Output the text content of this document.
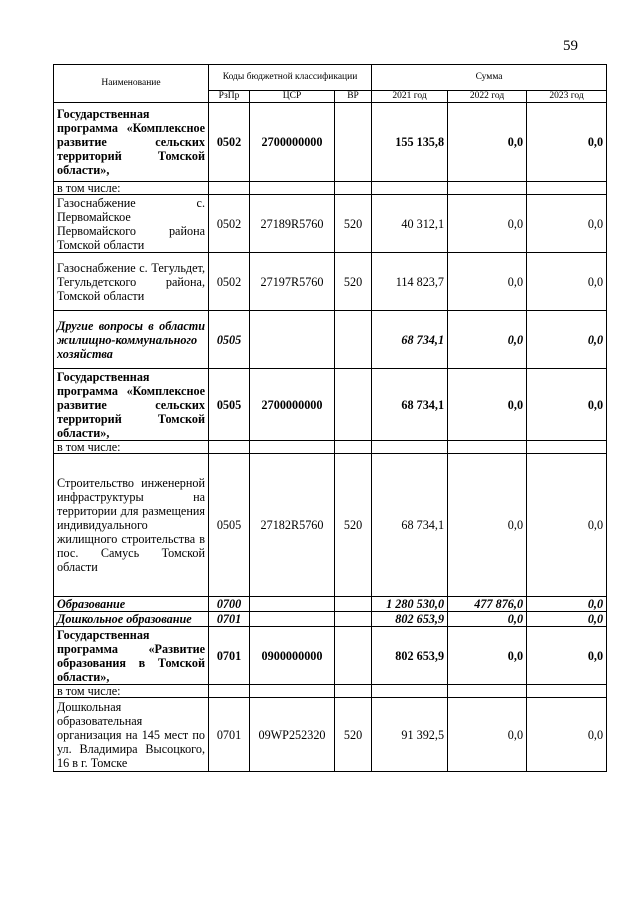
59
Наименование	Коды бюджетной классификации			Сумма		
	РзПр	ЦСР	ВР	2021 год	2022 год	2023 год
Государственная программа «Комплексное развитие сельских территорий Томской области»,	0502	2700000000		155 135,8	0,0	0,0
в том числе:						
Газоснабжение с. Первомайское Первомайского района Томской области	0502	27189R5760	520	40 312,1	0,0	0,0
Газоснабжение с. Тегульдет, Тегульдетского района, Томской области	0502	27197R5760	520	114 823,7	0,0	0,0
Другие вопросы в области жилищно-коммунального хозяйства	0505			68 734,1	0,0	0,0
Государственная программа «Комплексное развитие сельских территорий Томской области»,	0505	2700000000		68 734,1	0,0	0,0
в том числе:						
Строительство инженерной инфраструктуры на территории для размещения индивидуального жилищного строительства в пос. Самусь Томской области	0505	27182R5760	520	68 734,1	0,0	0,0
Образование	0700			1 280 530,0	477 876,0	0,0
Дошкольное образование	0701			802 653,9	0,0	0,0
Государственная программа «Развитие образования в Томской области»,	0701	0900000000		802 653,9	0,0	0,0
в том числе:						
Дошкольная образовательная организация на 145 мест по ул. Владимира Высоцкого, 16 в г. Томске	0701	09WP252320	520	91 392,5	0,0	0,0
